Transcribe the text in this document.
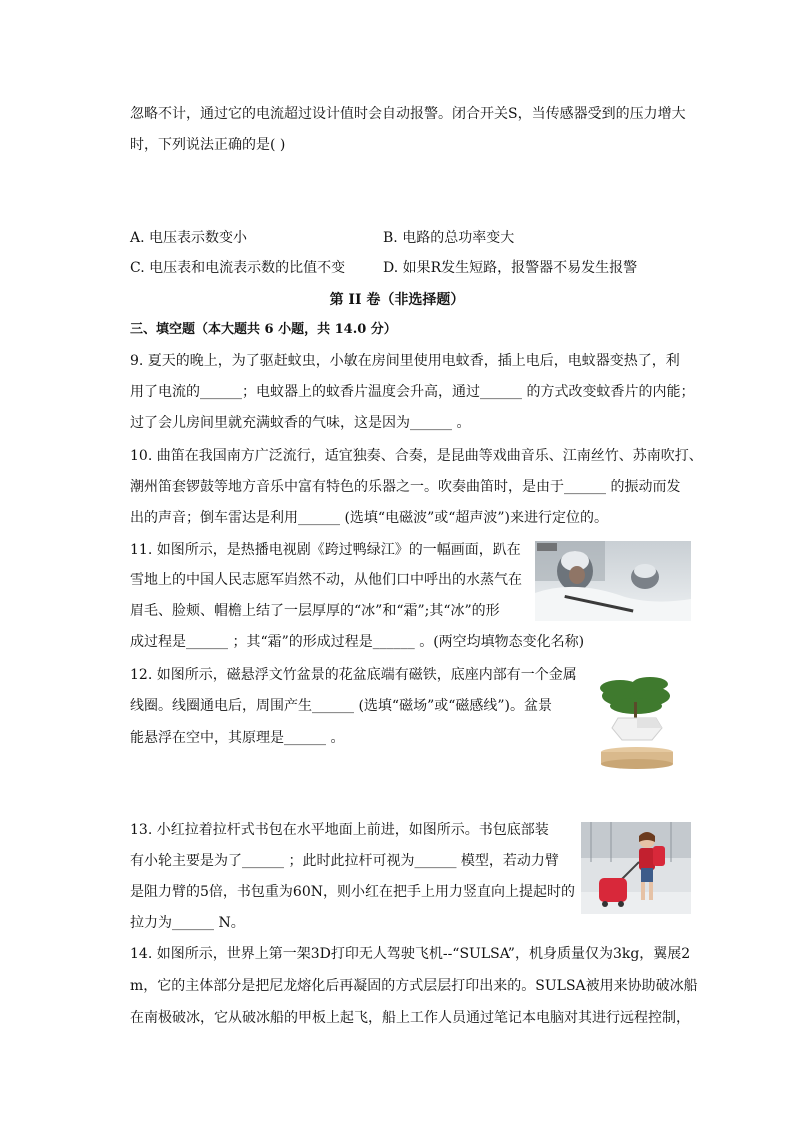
忽略不计，通过它的电流超过设计值时会自动报警。闭合开关S，当传感器受到的压力增大
时，下列说法正确的是( )
A. 电压表示数变小	B. 电路的总功率变大
C. 电压表和电流表示数的比值不变	D. 如果R发生短路，报警器不易发生报警
第 II 卷（非选择题）
三、填空题（本大题共 6 小题，共 14.0 分）
9. 夏天的晚上，为了驱赶蚊虫，小敏在房间里使用电蚊香，插上电后，电蚊器变热了，利
用了电流的______；电蚊器上的蚊香片温度会升高，通过______ 的方式改变蚊香片的内能；
过了会儿房间里就充满蚊香的气味，这是因为______ 。
10. 曲笛在我国南方广泛流行，适宜独奏、合奏，是昆曲等戏曲音乐、江南丝竹、苏南吹打、
潮州笛套锣鼓等地方音乐中富有特色的乐器之一。吹奏曲笛时，是由于______ 的振动而发
出的声音；倒车雷达是利用______ (选填“电磁波”或“超声波”)来进行定位的。
11. 如图所示，是热播电视剧《跨过鸭绿江》的一幅画面，趴在
雪地上的中国人民志愿军岿然不动，从他们口中呼出的水蒸气在
眉毛、脸颊、帽檐上结了一层厚厚的“冰”和“霜”;其“冰”的形
成过程是______ ；其“霜”的形成过程是______ 。(两空均填物态变化名称)
12. 如图所示，磁悬浮文竹盆景的花盆底端有磁铁，底座内部有一个金属
线圈。线圈通电后，周围产生______ (选填“磁场”或“磁感线”)。盆景
能悬浮在空中，其原理是______ 。
13. 小红拉着拉杆式书包在水平地面上前进，如图所示。书包底部装
有小轮主要是为了______ ；此时此拉杆可视为______ 模型，若动力臂
是阻力臂的5倍，书包重为60N，则小红在把手上用力竖直向上提起时的
拉力为______ N。
14. 如图所示，世界上第一架3D打印无人驾驶飞机--“SULSA”，机身质量仅为3kg，翼展2
m，它的主体部分是把尼龙熔化后再凝固的方式层层打印出来的。SULSA被用来协助破冰船
在南极破冰，它从破冰船的甲板上起飞，船上工作人员通过笔记本电脑对其进行远程控制，
